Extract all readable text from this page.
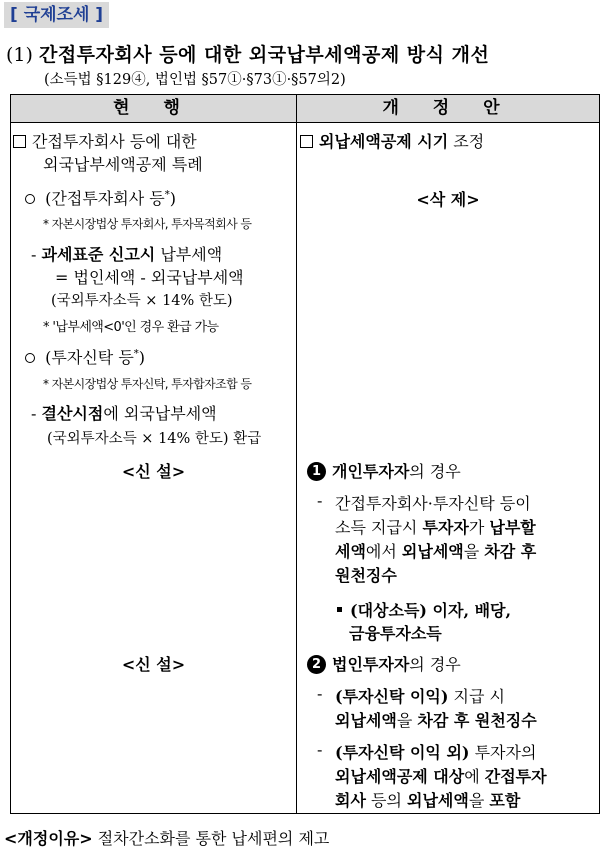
[ 국제조세 ]
(1) 간접투자회사 등에 대한 외국납부세액공제 방식 개선
(소득법 §129④, 법인법 §57①·§73①·§57의2)
현 행	개 정 안
간접투자회사 등에 대한
외국납부세액공제 특례
(간접투자회사 등*)
* 자본시장법상 투자회사, 투자목적회사 등
- 과세표준 신고시 납부세액
= 법인세액 - 외국납부세액
(국외투자소득 × 14% 한도)
* '납부세액<0'인 경우 환급 가능
(투자신탁 등*)
* 자본시장법상 투자신탁, 투자합자조합 등
- 결산시점에 외국납부세액
(국외투자소득 × 14% 한도) 환급
<신 설>
<신 설>
외납세액공제 시기 조정
<삭 제>
1 개인투자자의 경우
- 간접투자회사·투자신탁 등이
소득 지급시 투자자가 납부할
세액에서 외납세액을 차감 후
원천징수
(대상소득) 이자, 배당,
금융투자소득
2 법인투자자의 경우
- (투자신탁 이익) 지급 시
외납세액을 차감 후 원천징수
- (투자신탁 이익 외) 투자자의
외납세액공제 대상에 간접투자
회사 등의 외납세액을 포함
<개정이유> 절차간소화를 통한 납세편의 제고
